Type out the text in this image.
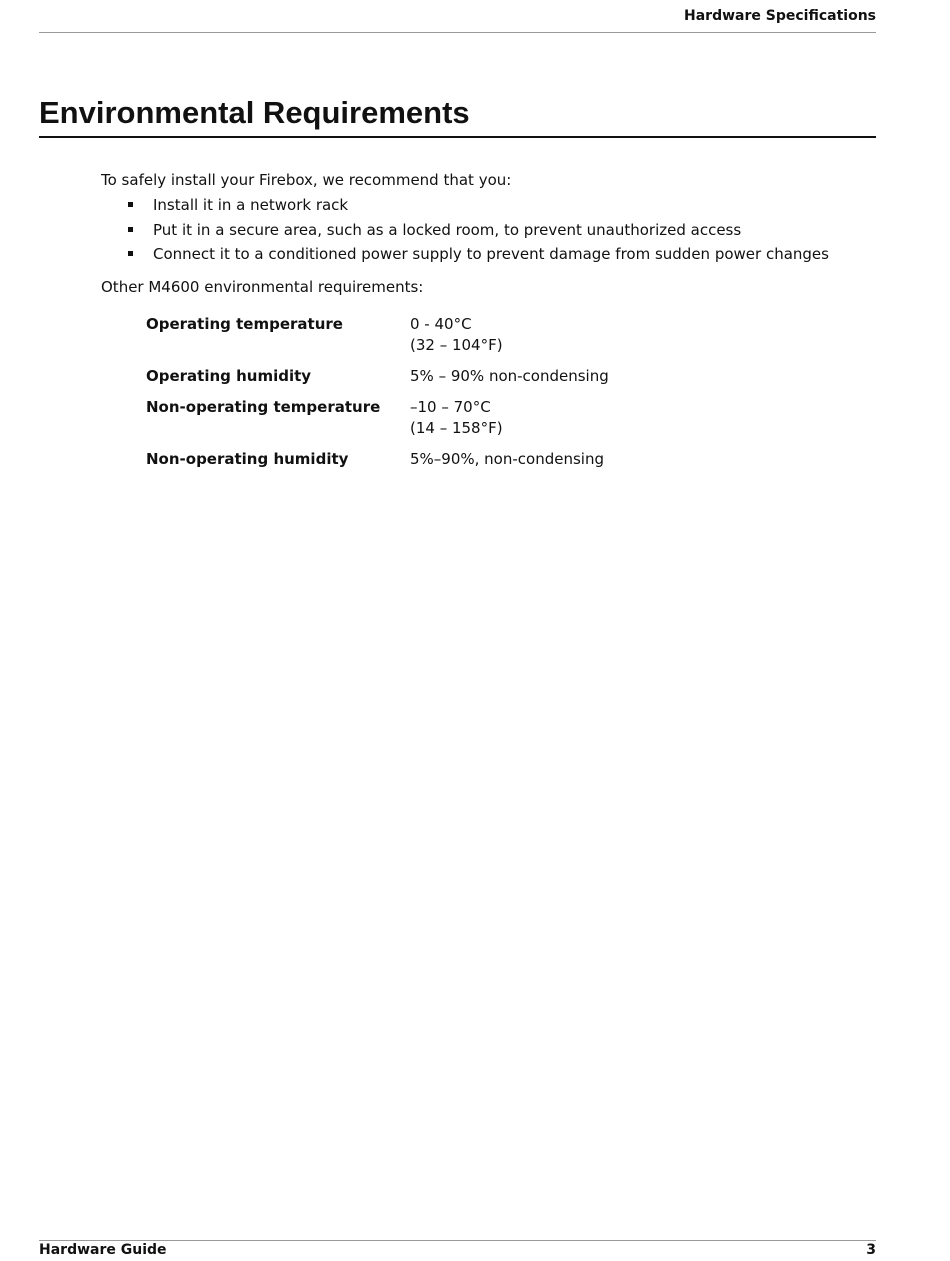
Hardware Specifications
Environmental Requirements

To safely install your Firebox, we recommend that you:

Install it in a network rack
Put it in a secure area, such as a locked room, to prevent unauthorized access
Connect it to a conditioned power supply to prevent damage from sudden power changes

Other M4600 environmental requirements:

Operating temperature	0 - 40°C
(32 – 104°F)
Operating humidity	5% – 90% non-condensing
Non-operating temperature	–10 – 70°C
(14 – 158°F)
Non-operating humidity	5%–90%, non-condensing
Hardware Guide	3
